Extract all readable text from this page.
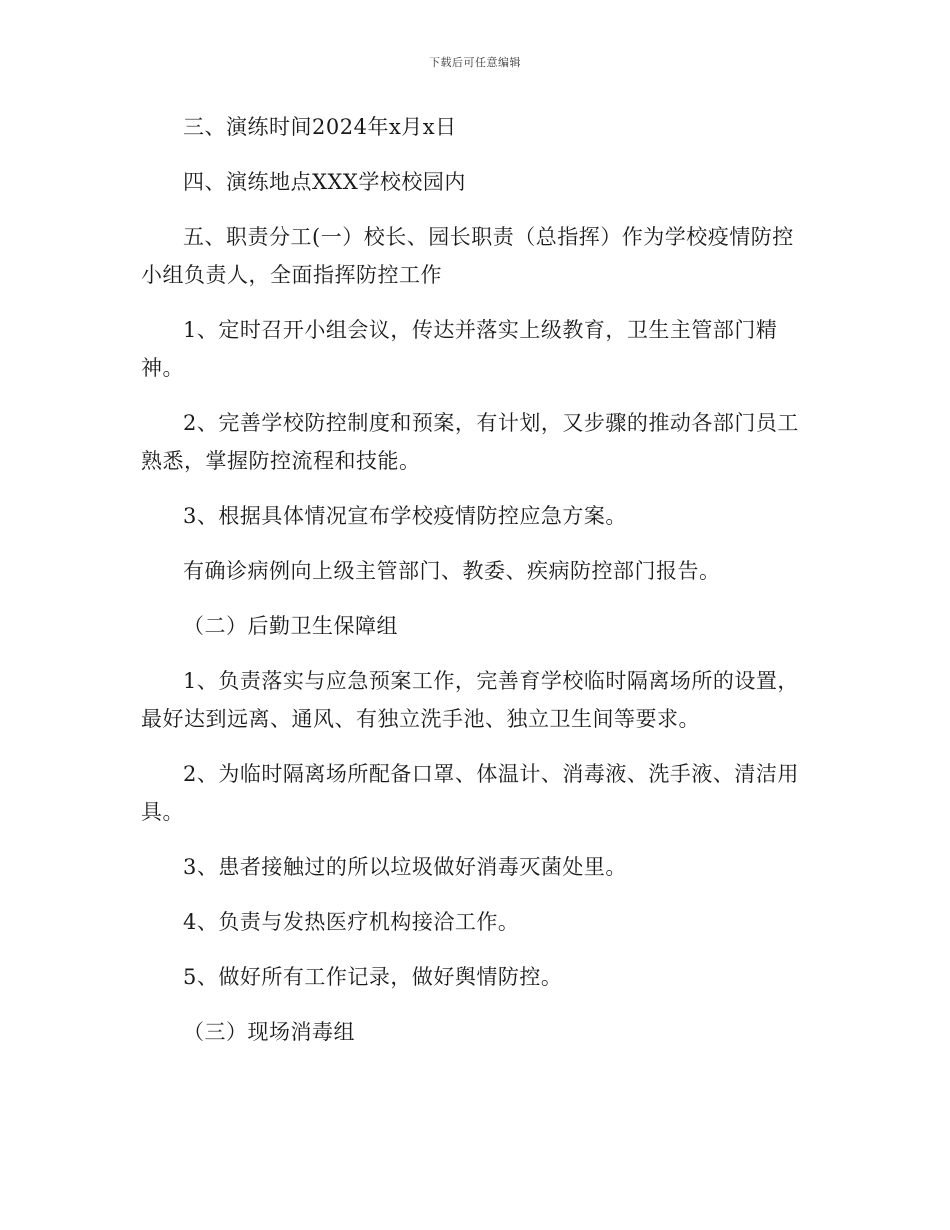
下载后可任意编辑

三、演练时间2024年x月x日

四、演练地点XXX学校校园内

五、职责分工(一）校长、园长职责（总指挥）作为学校疫情防控小组负责人，全面指挥防控工作

1、定时召开小组会议，传达并落实上级教育，卫生主管部门精神。

2、完善学校防控制度和预案，有计划，又步骤的推动各部门员工熟悉，掌握防控流程和技能。

3、根据具体情况宣布学校疫情防控应急方案。

有确诊病例向上级主管部门、教委、疾病防控部门报告。

（二）后勤卫生保障组

1、负责落实与应急预案工作，完善育学校临时隔离场所的设置，最好达到远离、通风、有独立洗手池、独立卫生间等要求。

2、为临时隔离场所配备口罩、体温计、消毒液、洗手液、清洁用具。

3、患者接触过的所以垃圾做好消毒灭菌处里。

4、负责与发热医疗机构接洽工作。

5、做好所有工作记录，做好舆情防控。

（三）现场消毒组
